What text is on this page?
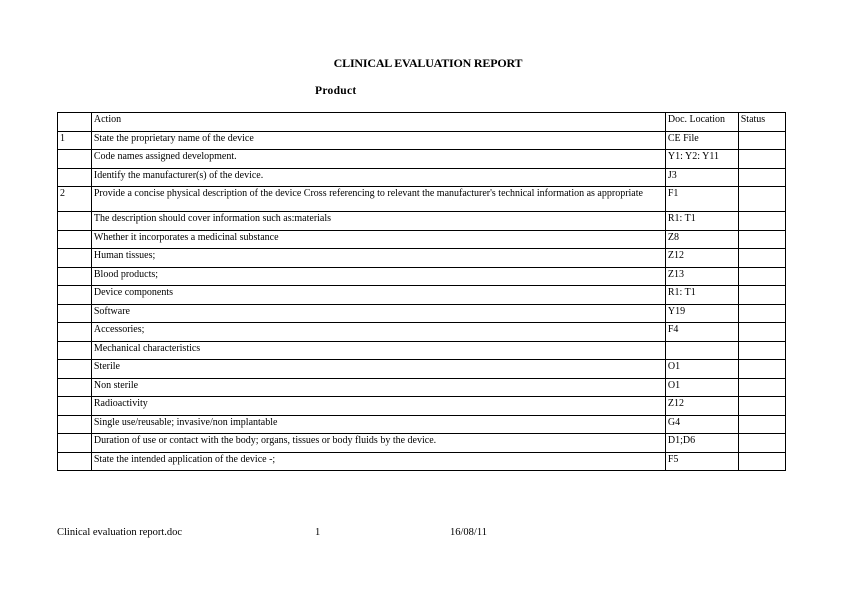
CLINICAL EVALUATION REPORT
Product
	Action	Doc. Location	Status
1	State the proprietary name of the device	CE File	
	Code names assigned development.	Y1: Y2: Y11	
	Identify the manufacturer(s) of the device.	J3	
2	Provide a concise physical description of the device Cross referencing to relevant the manufacturer's technical information as appropriate	F1	
	The description should cover information such as:materials	R1: T1	
	Whether it incorporates a medicinal substance	Z8	
	Human tissues;	Z12	
	Blood products;	Z13	
	Device components	R1: T1	
	Software	Y19	
	Accessories;	F4	
	Mechanical characteristics		
	Sterile	O1	
	Non sterile	O1	
	Radioactivity	Z12	
	Single use/reusable; invasive/non implantable	G4	
	Duration of use or contact with the body; organs, tissues or body fluids by the device.	D1;D6	
	State the intended application of the device -;	F5	
Clinical evaluation report.doc	1	16/08/11
